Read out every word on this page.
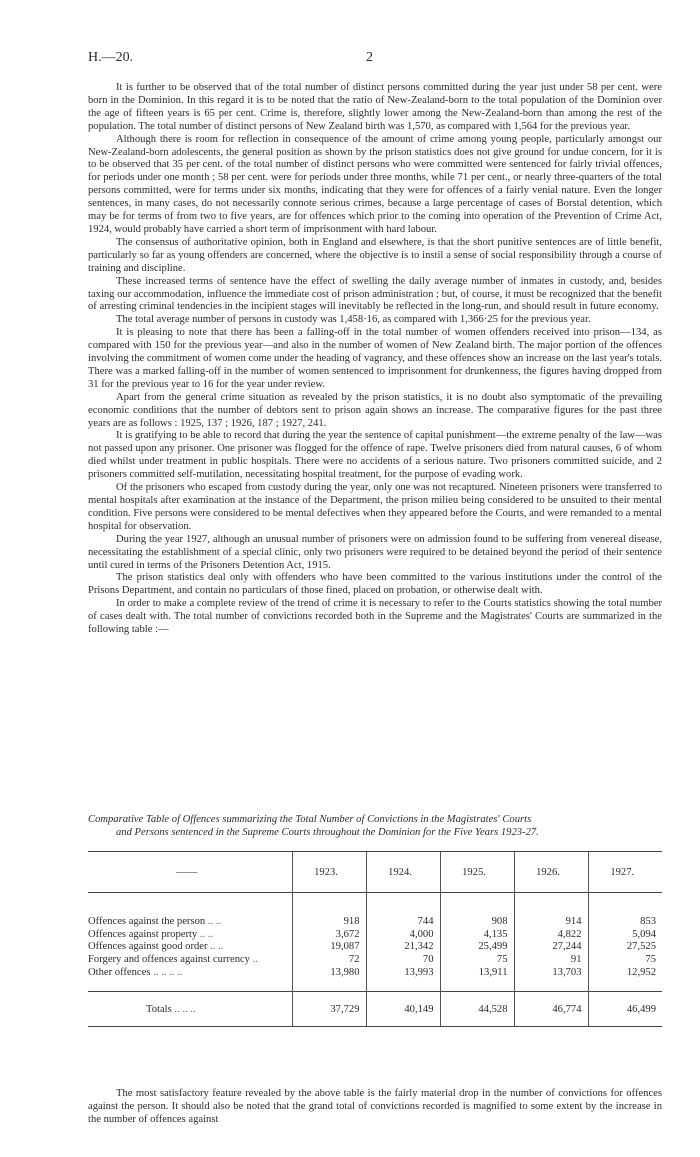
H.—20.	2

It is further to be observed that of the total number of distinct persons committed during the year just under 58 per cent. were born in the Dominion. In this regard it is to be noted that the ratio of New-Zealand-born to the total population of the Dominion over the age of fifteen years is 65 per cent. Crime is, therefore, slightly lower among the New-Zealand-born than among the rest of the population. The total number of distinct persons of New Zealand birth was 1,570, as compared with 1,564 for the previous year.

Although there is room for reflection in consequence of the amount of crime among young people, particularly amongst our New-Zealand-born adolescents, the general position as shown by the prison statistics does not give ground for undue concern, for it is to be observed that 35 per cent. of the total number of distinct persons who were committed were sentenced for fairly trivial offences, for periods under one month ; 58 per cent. were for periods under three months, while 71 per cent., or nearly three-quarters of the total persons committed, were for terms under six months, indicating that they were for offences of a fairly venial nature. Even the longer sentences, in many cases, do not necessarily connote serious crimes, because a large percentage of cases of Borstal detention, which may be for terms of from two to five years, are for offences which prior to the coming into operation of the Prevention of Crime Act, 1924, would probably have carried a short term of imprisonment with hard labour.

The consensus of authoritative opinion, both in England and elsewhere, is that the short punitive sentences are of little benefit, particularly so far as young offenders are concerned, where the objective is to instil a sense of social responsibility through a course of training and discipline.

These increased terms of sentence have the effect of swelling the daily average number of inmates in custody, and, besides taxing our accommodation, influence the immediate cost of prison administration ; but, of course, it must be recognized that the benefit of arresting criminal tendencies in the incipient stages will inevitably be reflected in the long-run, and should result in future economy.

The total average number of persons in custody was 1,458·16, as compared with 1,366·25 for the previous year.

It is pleasing to note that there has been a falling-off in the total number of women offenders received into prison—134, as compared with 150 for the previous year—and also in the number of women of New Zealand birth. The major portion of the offences involving the commitment of women come under the heading of vagrancy, and these offences show an increase on the last year's totals. There was a marked falling-off in the number of women sentenced to imprisonment for drunkenness, the figures having dropped from 31 for the previous year to 16 for the year under review.

Apart from the general crime situation as revealed by the prison statistics, it is no doubt also symptomatic of the prevailing economic conditions that the number of debtors sent to prison again shows an increase. The comparative figures for the past three years are as follows : 1925, 137 ; 1926, 187 ; 1927, 241.

It is gratifying to be able to record that during the year the sentence of capital punishment—the extreme penalty of the law—was not passed upon any prisoner. One prisoner was flogged for the offence of rape. Twelve prisoners died from natural causes, 6 of whom died whilst under treatment in public hospitals. There were no accidents of a serious nature. Two prisoners committed suicide, and 2 prisoners committed self-mutilation, necessitating hospital treatment, for the purpose of evading work.

Of the prisoners who escaped from custody during the year, only one was not recaptured. Nineteen prisoners were transferred to mental hospitals after examination at the instance of the Department, the prison milieu being considered to be unsuited to their mental condition. Five persons were considered to be mental defectives when they appeared before the Courts, and were remanded to a mental hospital for observation.

During the year 1927, although an unusual number of prisoners were on admission found to be suffering from venereal disease, necessitating the establishment of a special clinic, only two prisoners were required to be detained beyond the period of their sentence until cured in terms of the Prisoners Detention Act, 1915.

The prison statistics deal only with offenders who have been committed to the various institutions under the control of the Prisons Department, and contain no particulars of those fined, placed on probation, or otherwise dealt with.

In order to make a complete review of the trend of crime it is necessary to refer to the Courts statistics showing the total number of cases dealt with. The total number of convictions recorded both in the Supreme and the Magistrates' Courts are summarized in the following table :—

Comparative Table of Offences summarizing the Total Number of Convictions in the Magistrates' Courts
and Persons sentenced in the Supreme Courts throughout the Dominion for the Five Years 1923-27.
——	1923.	1924.	1925.	1926.	1927.

Offences against the person .. ..	918	744	908	914	853
Offences against property .. ..	3,672	4,000	4,135	4,822	5,094
Offences against good order .. ..	19,087	21,342	25,499	27,244	27,525
Forgery and offences against currency ..	72	70	75	91	75
Other offences .. .. .. ..	13,980	13,993	13,911	13,703	12,952

Totals .. .. ..	37,729	40,149	44,528	46,774	46,499

The most satisfactory feature revealed by the above table is the fairly material drop in the number of convictions for offences against the person. It should also be noted that the grand total of convictions recorded is magnified to some extent by the increase in the number of offences against
